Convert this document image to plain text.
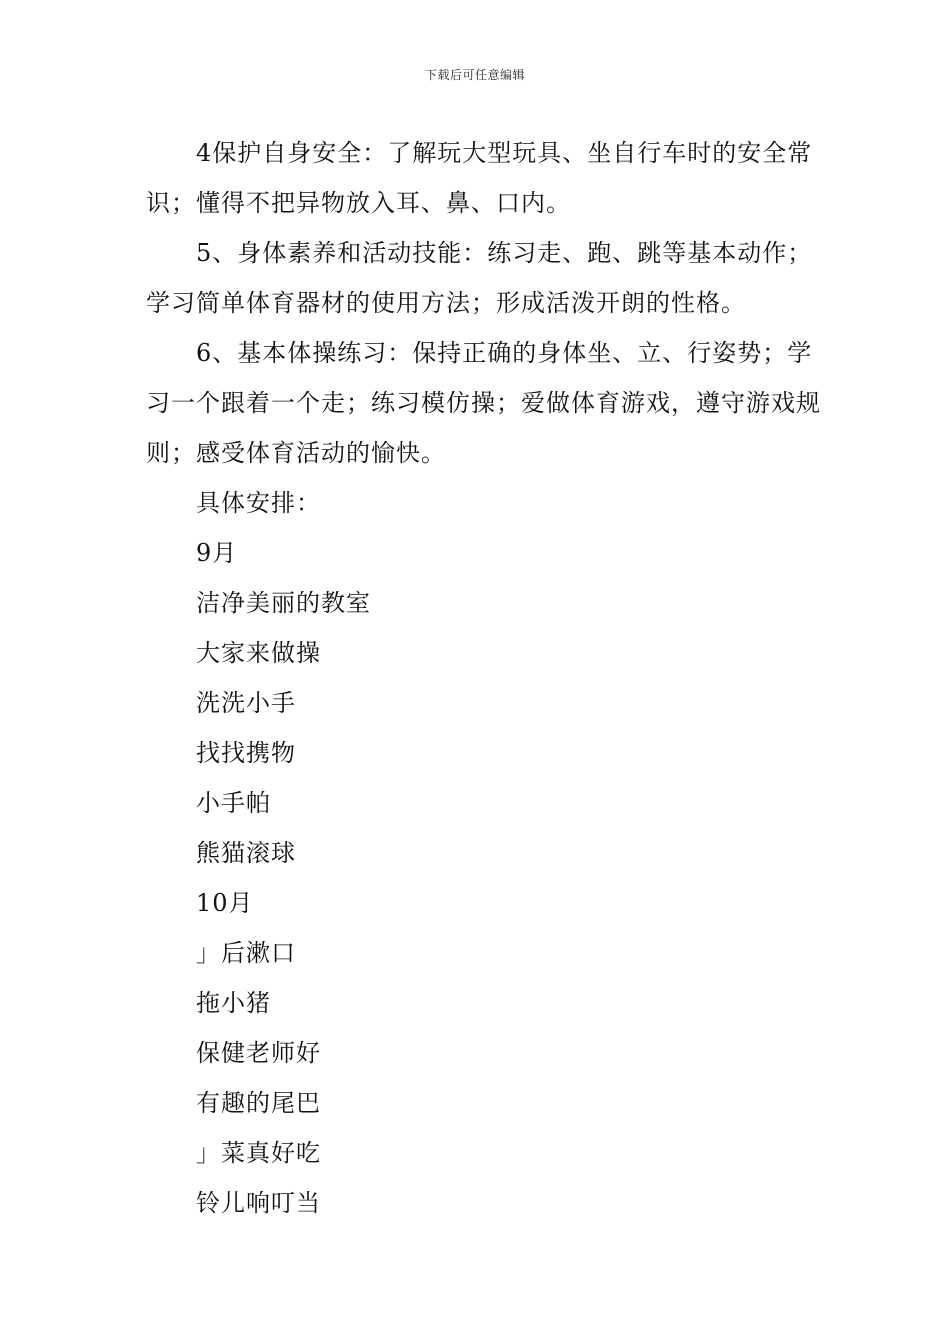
下载后可任意编辑

4保护自身安全：了解玩大型玩具、坐自行车时的安全常识；懂得不把异物放入耳、鼻、口内。

5、身体素养和活动技能：练习走、跑、跳等基本动作；学习简单体育器材的使用方法；形成活泼开朗的性格。

6、基本体操练习：保持正确的身体坐、立、行姿势；学习一个跟着一个走；练习模仿操；爱做体育游戏，遵守游戏规则；感受体育活动的愉快。

具体安排：

9月

洁净美丽的教室

大家来做操

洗洗小手

找找携物

小手帕

熊猫滚球

10月

」后漱口

拖小猪

保健老师好

有趣的尾巴

」菜真好吃

铃儿响叮当
